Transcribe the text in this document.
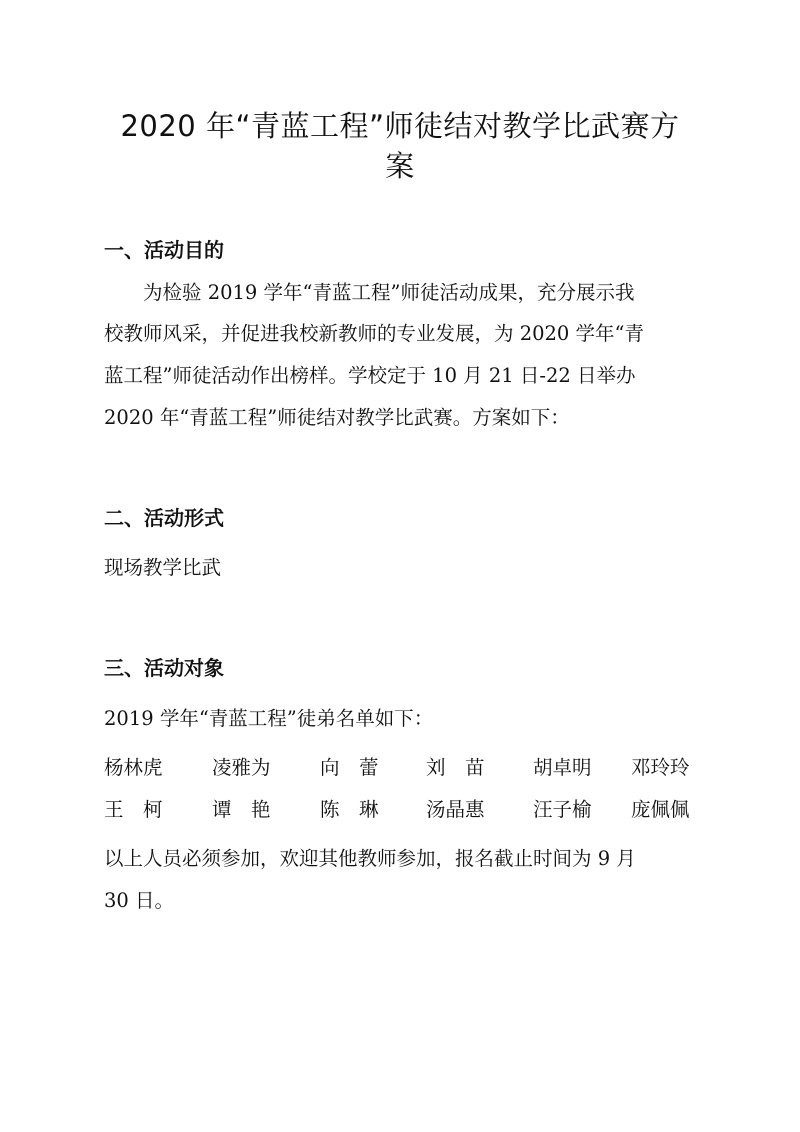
2020 年“青蓝工程”师徒结对教学比武赛方
案
一、活动目的
为检验 2019 学年“青蓝工程”师徒活动成果，充分展示我
校教师风采，并促进我校新教师的专业发展，为 2020 学年“青
蓝工程”师徒活动作出榜样。学校定于 10 月 21 日-22 日举办
2020 年“青蓝工程”师徒结对教学比武赛。方案如下：
二、活动形式
现场教学比武
三、活动对象
2019 学年“青蓝工程”徒弟名单如下：
杨林虎	凌雅为	向　蕾 刘　苗 胡卓明 邓玲玲
王　柯	谭　艳	陈　琳 汤晶惠 汪子榆 庞佩佩
以上人员必须参加，欢迎其他教师参加，报名截止时间为 9 月
30 日。
